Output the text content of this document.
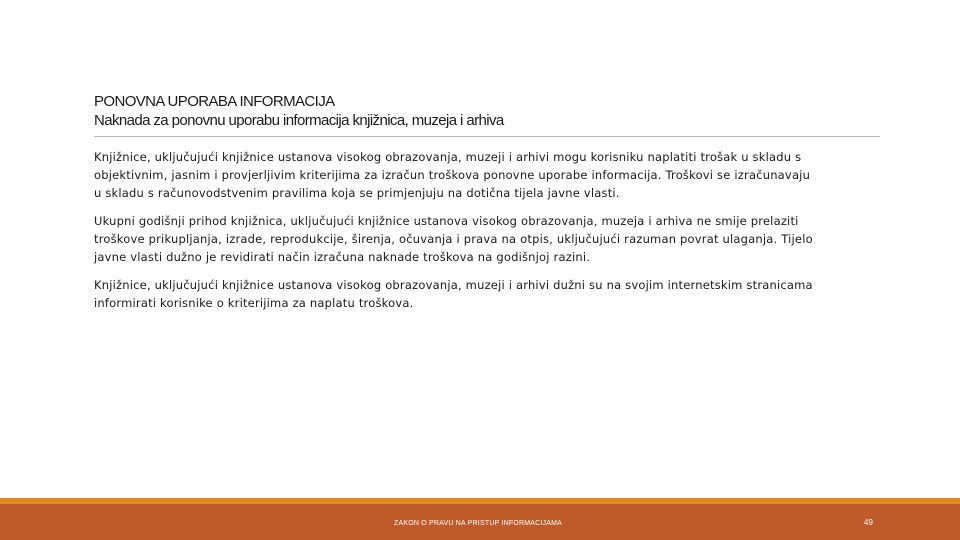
PONOVNA UPORABA INFORMACIJA
Naknada za ponovnu uporabu informacija knjižnica, muzeja i arhiva

Knjižnice, uključujući knjižnice ustanova visokog obrazovanja, muzeji i arhivi mogu korisniku naplatiti trošak u skladu s
objektivnim, jasnim i provjerljivim kriterijima za izračun troškova ponovne uporabe informacija. Troškovi se izračunavaju
u skladu s računovodstvenim pravilima koja se primjenjuju na dotična tijela javne vlasti.

Ukupni godišnji prihod knjižnica, uključujući knjižnice ustanova visokog obrazovanja, muzeja i arhiva ne smije prelaziti
troškove prikupljanja, izrade, reprodukcije, širenja, očuvanja i prava na otpis, uključujući razuman povrat ulaganja. Tijelo
javne vlasti dužno je revidirati način izračuna naknade troškova na godišnjoj razini.

Knjižnice, uključujući knjižnice ustanova visokog obrazovanja, muzeji i arhivi dužni su na svojim internetskim stranicama
informirati korisnike o kriterijima za naplatu troškova.

ZAKON O PRAVU NA PRISTUP INFORMACIJAMA	49
